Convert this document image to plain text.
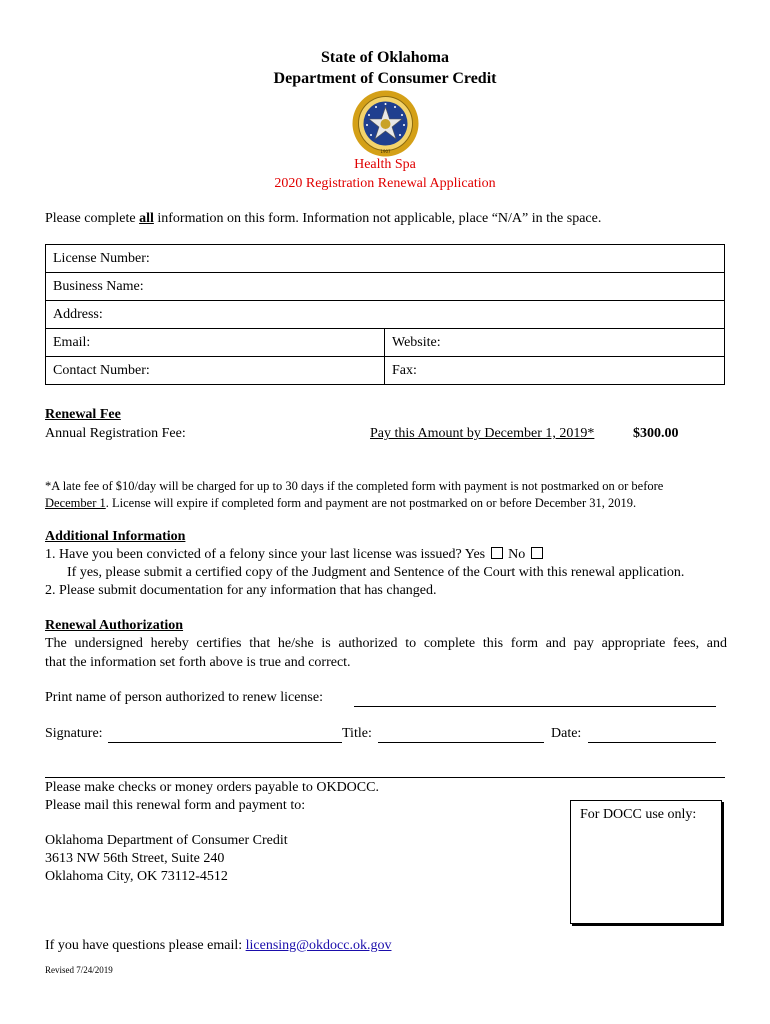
State of Oklahoma
Department of Consumer Credit
1907
Health Spa
2020 Registration Renewal Application
Please complete all information on this form. Information not applicable, place “N/A” in the space.
License Number:	
Business Name:	
Address:	
Email:	Website:
Contact Number:	Fax:
Renewal Fee
Annual Registration Fee:	Pay this Amount by December 1, 2019*	$300.00
*A late fee of $10/day will be charged for up to 30 days if the completed form with payment is not postmarked on or before
December 1. License will expire if completed form and payment are not postmarked on or before December 31, 2019.
Additional Information
1. Have you been convicted of a felony since your last license was issued? Yes No
If yes, please submit a certified copy of the Judgment and Sentence of the Court with this renewal application.
2. Please submit documentation for any information that has changed.
Renewal Authorization
The undersigned hereby certifies that he/she is authorized to complete this form and pay appropriate fees, and
that the information set forth above is true and correct.
Print name of person authorized to renew license:
Signature:	Title:	Date:
Please make checks or money orders payable to OKDOCC.
Please mail this renewal form and payment to:
Oklahoma Department of Consumer Credit
3613 NW 56th Street, Suite 240
Oklahoma City, OK 73112-4512
For DOCC use only:
If you have questions please email: licensing@okdocc.ok.gov
Revised 7/24/2019
